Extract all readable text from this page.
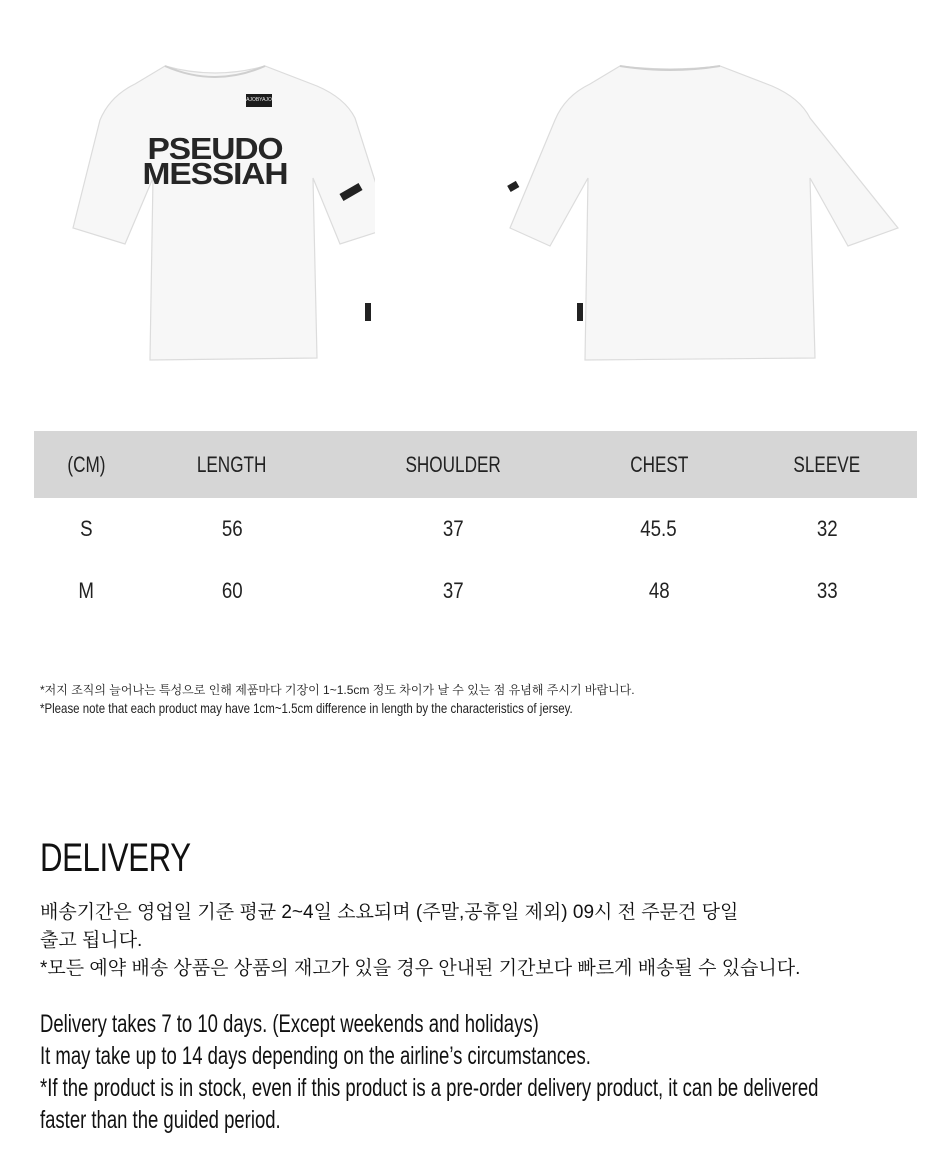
AJOBYAJO
PSEUDO
MESSIAH
(CM)	LENGTH	SHOULDER	CHEST	SLEEVE
S	56	37	45.5	32
M	60	37	48	33
*저지 조직의 늘어나는 특성으로 인해 제품마다 기장이 1~1.5cm 정도 차이가 날 수 있는 점 유념해 주시기 바랍니다.
*Please note that each product may have 1cm~1.5cm difference in length by the characteristics of jersey.
DELIVERY
배송기간은 영업일 기준 평균 2~4일 소요되며 (주말,공휴일 제외) 09시 전 주문건 당일
출고 됩니다.
*모든 예약 배송 상품은 상품의 재고가 있을 경우 안내된 기간보다 빠르게 배송될 수 있습니다.
Delivery takes 7 to 10 days. (Except weekends and holidays)
It may take up to 14 days depending on the airline’s circumstances.
*If the product is in stock, even if this product is a pre-order delivery product, it can be delivered
faster than the guided period.
